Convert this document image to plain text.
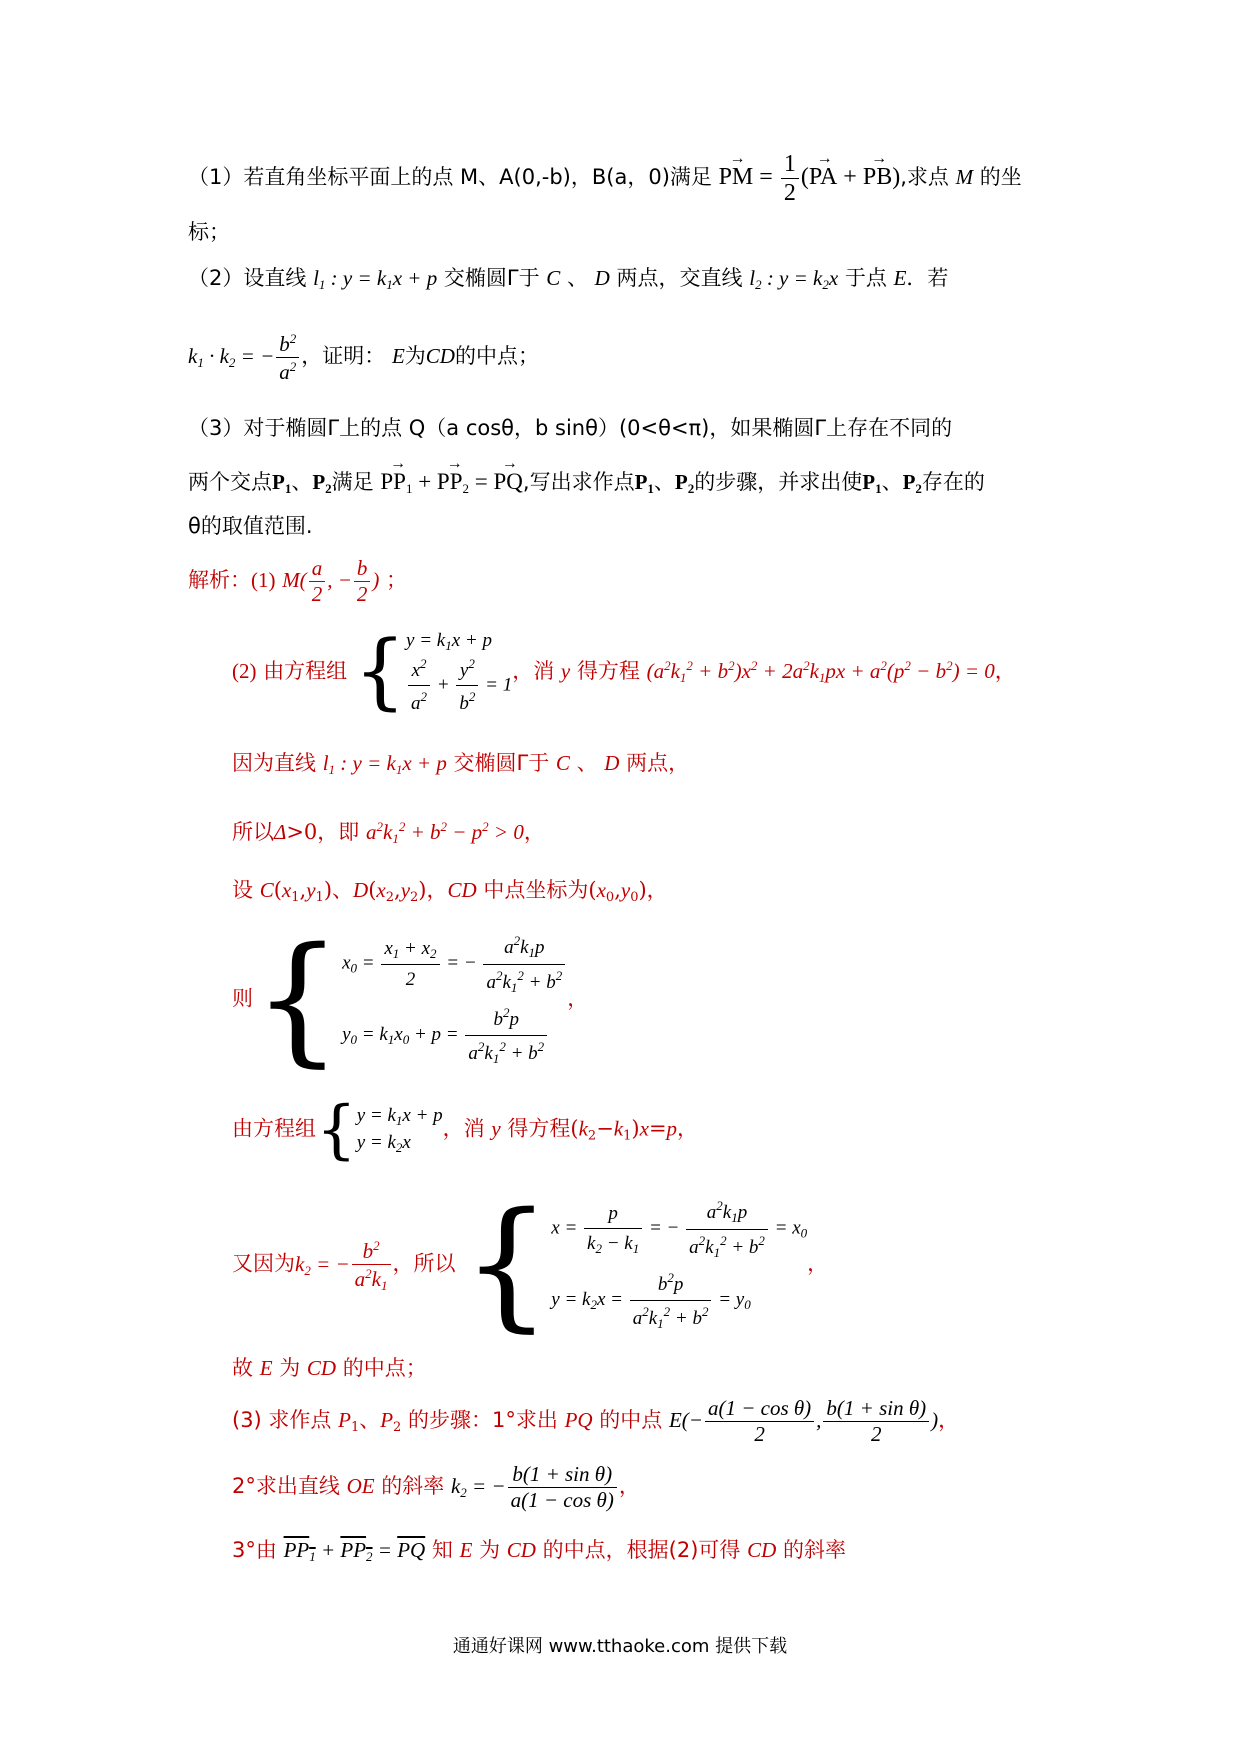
（1）若直角坐标平面上的点 M、A(0,-b)，B(a，0)满足 → PM = $\frac{1}{2}$ (→ PA + → PB),求点 M 的坐
标；
（2）设直线 $l_1$ : $y = k_1x + p$ 交椭圆Γ于 C 、 D 两点，交直线 $l_2$ : $y = k_2x$ 于点 E．若
$k_1 \cdot k_2$ = − $\frac{b^2}{a^2}$ ，证明： E为CD的中点；
（3）对于椭圆Γ上的点 Q（a cosθ，b sinθ）(0<θ<π)，如果椭圆Γ上存在不同的
两个交点$P_1$、$P_2$满足 → $PP_1$ + → $PP_2$ = → PQ,写出求作点$P_1$、$P_2$的步骤，并求出使$P_1$、$P_2$存在的
θ的取值范围.
解析：(1) $M( \frac{a}{2}$ , − $\frac{b}{2}$ ) ；
(2) 由方程组 { $y = k_1x + p$
$\frac{x^2}{a^2} + \frac{y^2}{b^2} = 1$
，消 y 得方程 $(a^2k_1^2 + b^2)x^2 + 2a^2k_1px + a^2(p^2 - b^2) = 0$，
因为直线 $l_1$ : $y = k_1x + p$ 交椭圆Γ于 C 、 D 两点，
所以Δ>0，即 $a^2k_1^2 + b^2 - p^2 > 0$，
设 $C(x_1,y_1)$、$D(x_2,y_2)$，CD 中点坐标为$(x_0,y_0)$，
则{ $x_0 = \frac{x_1 + x_2}{2}$ = − $\frac{a^2k_1p}{a^2k_1^2 + b^2}$
$y_0 = k_1x_0 + p = \frac{b^2p}{a^2k_1^2 + b^2}$
，
由方程组{ $y = k_1x + p$
$y = k_2x$
，消 y 得方程$(k_2-k_1)x=p$，
又因为$k_2$ = − $\frac{b^2}{a^2k_1}$ ，所以 { $x = \frac{p}{k_2 - k_1}$ = − $\frac{a^2k_1p}{a^2k_1^2 + b^2} = x_0$
$y = k_2x = \frac{b^2p}{a^2k_1^2 + b^2} = y_0$
，
故 E 为 CD 的中点；
(3) 求作点 $P_1$、$P_2$ 的步骤：1°求出 PQ 的中点 $E(- \frac{\text{a(1 − cos θ)}}{2}$ , $\frac{\text{b(1 + sin θ)}}{2}$ )，
2°求出直线 OE 的斜率 $k_2$ = − $\frac{\text{b(1 + sin θ)}}{\text{a(1 − cos θ)}}$ ，
3°由 $PP_1 + PP_2 = \overline{PQ}$ 知 E 为 CD 的中点，根据(2)可得 CD 的斜率
通通好课网 www.tthaoke.com 提供下载
